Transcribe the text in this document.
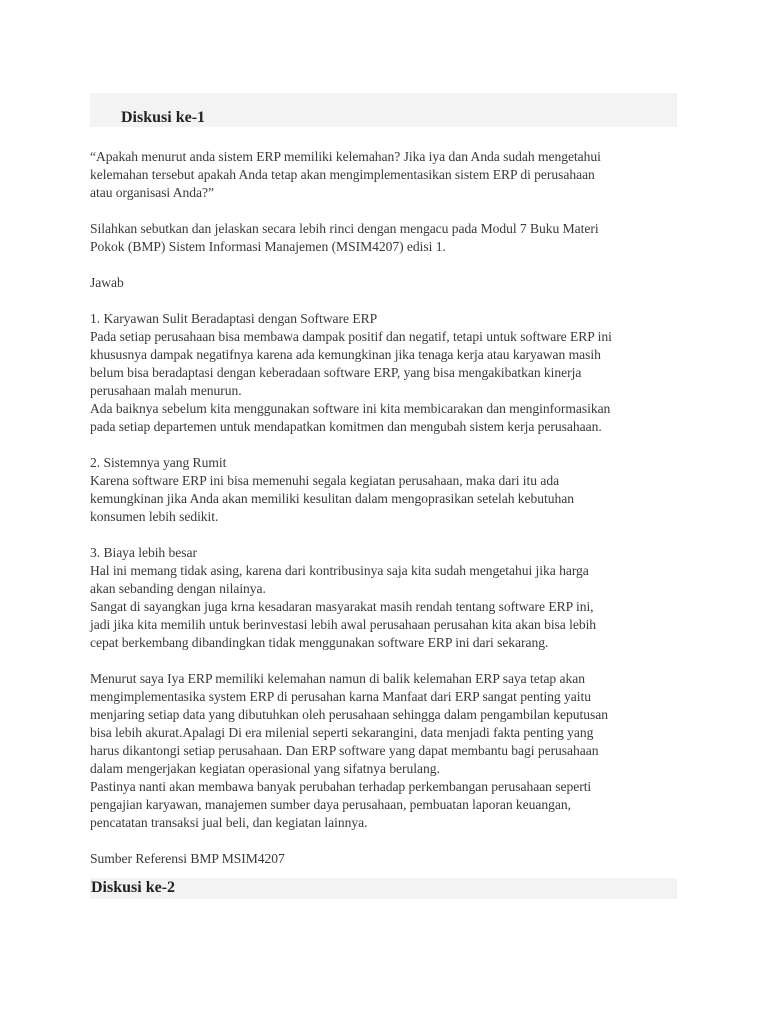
Diskusi ke-1
“Apakah menurut anda sistem ERP memiliki kelemahan? Jika iya dan Anda sudah mengetahui
kelemahan tersebut apakah Anda tetap akan mengimplementasikan sistem ERP di perusahaan
atau organisasi Anda?”
Silahkan sebutkan dan jelaskan secara lebih rinci dengan mengacu pada Modul 7 Buku Materi
Pokok (BMP) Sistem Informasi Manajemen (MSIM4207) edisi 1.
Jawab
1. Karyawan Sulit Beradaptasi dengan Software ERP
Pada setiap perusahaan bisa membawa dampak positif dan negatif, tetapi untuk software ERP ini
khususnya dampak negatifnya karena ada kemungkinan jika tenaga kerja atau karyawan masih
belum bisa beradaptasi dengan keberadaan software ERP, yang bisa mengakibatkan kinerja
perusahaan malah menurun.
Ada baiknya sebelum kita menggunakan software ini kita membicarakan dan menginformasikan
pada setiap departemen untuk mendapatkan komitmen dan mengubah sistem kerja perusahaan.
2. Sistemnya yang Rumit
Karena software ERP ini bisa memenuhi segala kegiatan perusahaan, maka dari itu ada
kemungkinan jika Anda akan memiliki kesulitan dalam mengoprasikan setelah kebutuhan
konsumen lebih sedikit.
3. Biaya lebih besar
Hal ini memang tidak asing, karena dari kontribusinya saja kita sudah mengetahui jika harga
akan sebanding dengan nilainya.
Sangat di sayangkan juga krna kesadaran masyarakat masih rendah tentang software ERP ini,
jadi jika kita memilih untuk berinvestasi lebih awal perusahaan perusahan kita akan bisa lebih
cepat berkembang dibandingkan tidak menggunakan software ERP ini dari sekarang.
Menurut saya Iya ERP memiliki kelemahan namun di balik kelemahan ERP saya tetap akan
mengimplementasika system ERP di perusahan karna Manfaat dari ERP sangat penting yaitu
menjaring setiap data yang dibutuhkan oleh perusahaan sehingga dalam pengambilan keputusan
bisa lebih akurat.Apalagi Di era milenial seperti sekarangini, data menjadi fakta penting yang
harus dikantongi setiap perusahaan. Dan ERP software yang dapat membantu bagi perusahaan
dalam mengerjakan kegiatan operasional yang sifatnya berulang.
Pastinya nanti akan membawa banyak perubahan terhadap perkembangan perusahaan seperti
pengajian karyawan, manajemen sumber daya perusahaan, pembuatan laporan keuangan,
pencatatan transaksi jual beli, dan kegiatan lainnya.
Sumber Referensi BMP MSIM4207
Diskusi ke-2
